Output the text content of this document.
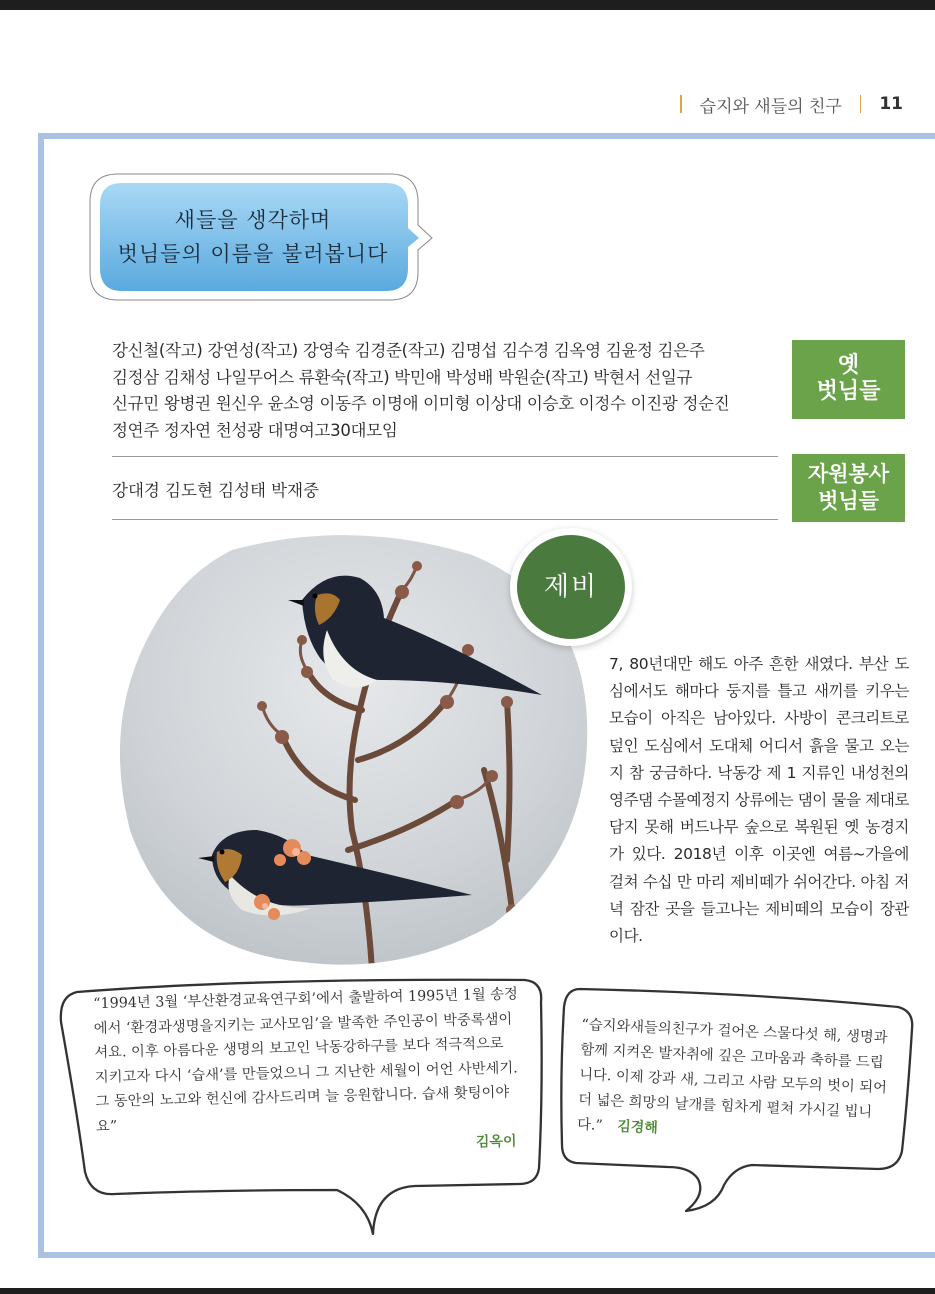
습지와 새들의 친구 11
새들을 생각하며
벗님들의 이름을 불러봅니다
강신철(작고) 강연성(작고) 강영숙 김경준(작고) 김명섭 김수경 김옥영 김윤정 김은주
김정삼 김채성 나일무어스 류환숙(작고) 박민애 박성배 박원순(작고) 박현서 선일규
신규민 왕병권 원신우 윤소영 이동주 이명애 이미형 이상대 이승호 이정수 이진광 정순진
정연주 정자연 천성광 대명여고30대모임
강대경 김도현 김성태 박재중
옛
벗님들
자원봉사
벗님들
제비
7, 80년대만 해도 아주 흔한 새였다. 부산 도심에서도 해마다 둥지를 틀고 새끼를 키우는 모습이 아직은 남아있다. 사방이 콘크리트로 덮인 도심에서 도대체 어디서 흙을 물고 오는지 참 궁금하다. 낙동강 제 1 지류인 내성천의 영주댐 수몰예정지 상류에는 댐이 물을 제대로 담지 못해 버드나무 숲으로 복원된 옛 농경지가 있다. 2018년 이후 이곳엔 여름~가을에 걸쳐 수십 만 마리 제비떼가 쉬어간다. 아침 저녁 잠잔 곳을 들고나는 제비떼의 모습이 장관이다.
“1994년 3월 ‘부산환경교육연구회’에서 출발하여 1995년 1월 송정에서 ‘환경과생명을지키는 교사모임’을 발족한 주인공이 박중록샘이셔요. 이후 아름다운 생명의 보고인 낙동강하구를 보다 적극적으로 지키고자 다시 ‘습새’를 만들었으니 그 지난한 세월이 어언 사반세기. 그 동안의 노고와 헌신에 감사드리며 늘 응원합니다. 습새 홧팅이야요”
김옥이
“습지와새들의친구가 걸어온 스물다섯 해, 생명과 함께 지켜온 발자취에 깊은 고마움과 축하를 드립니다. 이제 강과 새, 그리고 사람 모두의 벗이 되어 더 넓은 희망의 날개를 힘차게 펼쳐 가시길 빕니다.” 김경해
